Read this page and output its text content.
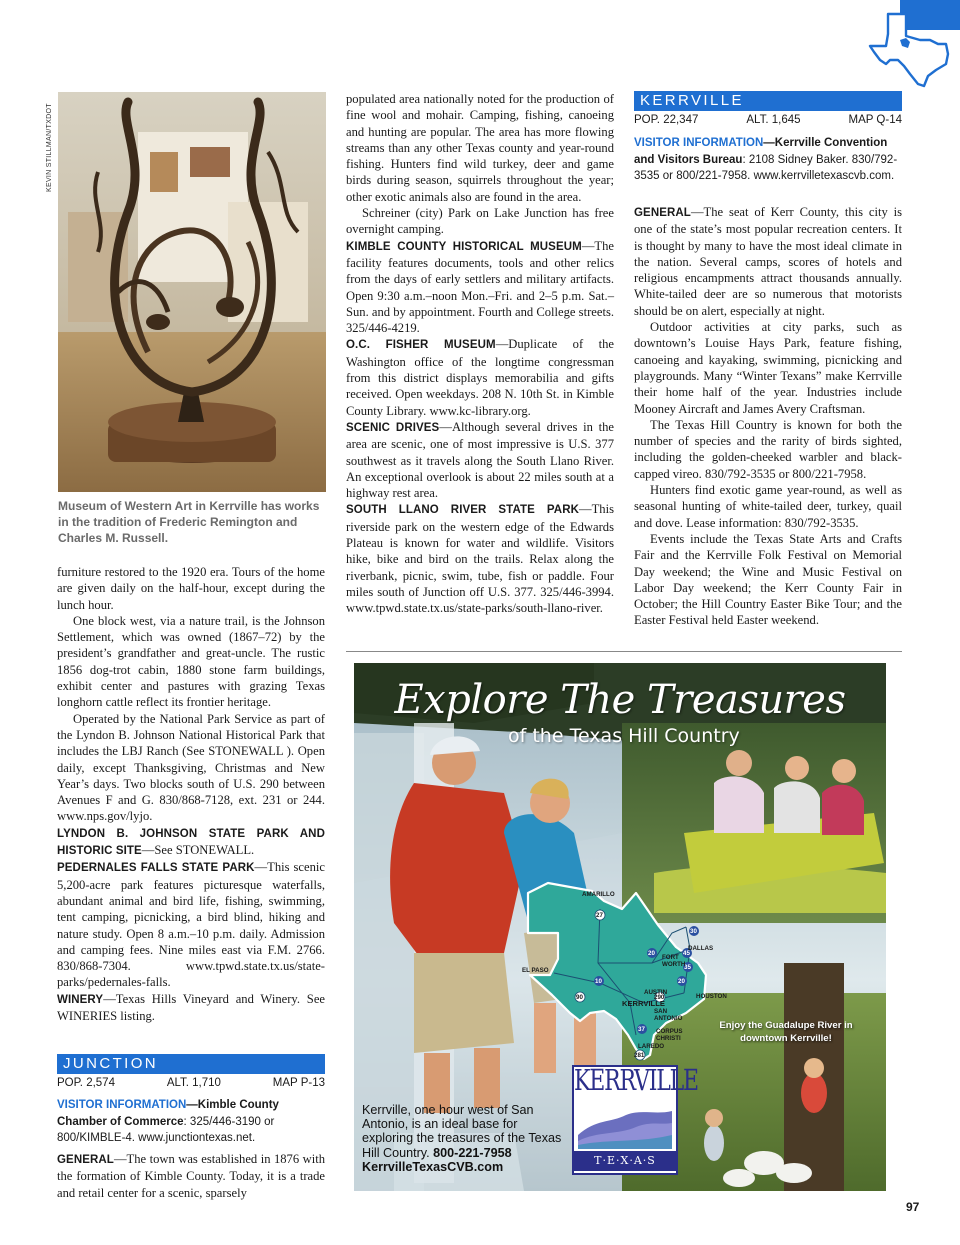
KEVIN STILLMAN/TXDOT
Museum of Western Art in Kerrville has works in the tradition of Frederic Remington and Charles M. Russell.

furniture restored to the 1920 era. Tours of the home are given daily on the half-hour, except during the lunch hour.

One block west, via a nature trail, is the Johnson Settlement, which was owned (1867–72) by the president’s grandfather and great-uncle. The rustic 1856 dog-trot cabin, 1880 stone farm buildings, exhibit center and pastures with grazing Texas longhorn cattle reflect its frontier heritage.

Operated by the National Park Service as part of the Lyndon B. Johnson National Historical Park that includes the LBJ Ranch (See STONEWALL ). Open daily, except Thanksgiving, Christmas and New Year’s days. Two blocks south of U.S. 290 between Avenues F and G. 830/868-7128, ext. 231 or 244. www.nps.gov/lyjo.

LYNDON B. JOHNSON STATE PARK AND HISTORIC SITE—See STONEWALL.

PEDERNALES FALLS STATE PARK—This scenic 5,200-acre park features picturesque waterfalls, abundant animal and bird life, fishing, swimming, tent camping, picnicking, a bird blind, hiking and nature study. Open 8 a.m.–10 p.m. daily. Admission and camping fees. Nine miles east via F.M. 2766. 830/868-7304. www.tpwd.state.tx.us/state-parks/pedernales-falls.

WINERY—Texas Hills Vineyard and Winery. See WINERIES listing.

JUNCTION
POP. 2,574	ALT. 1,710	MAP P-13
VISITOR INFORMATION—Kimble County Chamber of Commerce: 325/446-3190 or 800/KIMBLE-4. www.junctiontexas.net.

GENERAL—The town was established in 1876 with the formation of Kimble County. Today, it is a trade and retail center for a scenic, sparsely

populated area nationally noted for the production of fine wool and mohair. Camping, fishing, canoeing and hunting are popular. The area has more flowing streams than any other Texas county and year-round fishing. Hunters find wild turkey, deer and game birds during season, squirrels throughout the year; other exotic animals also are found in the area.

Schreiner (city) Park on Lake Junction has free overnight camping.

KIMBLE COUNTY HISTORICAL MUSEUM—The facility features documents, tools and other relics from the days of early settlers and military artifacts. Open 9:30 a.m.–noon Mon.–Fri. and 2–5 p.m. Sat.–Sun. and by appointment. Fourth and College streets. 325/446-4219.

O.C. FISHER MUSEUM—Duplicate of the Washington office of the longtime congressman from this district displays memorabilia and gifts received. Open weekdays. 208 N. 10th St. in Kimble County Library. www.kc-library.org.

SCENIC DRIVES—Although several drives in the area are scenic, one of most impressive is U.S. 377 southwest as it travels along the South Llano River. An exceptional overlook is about 22 miles south at a highway rest area.

SOUTH LLANO RIVER STATE PARK—This riverside park on the western edge of the Edwards Plateau is known for water and wildlife. Visitors hike, bike and bird on the trails. Relax along the riverbank, picnic, swim, tube, fish or paddle. Four miles south of Junction off U.S. 377. 325/446-3994. www.tpwd.state.tx.us/state-parks/south-llano-river.

KERRVILLE
POP. 22,347	ALT. 1,645	MAP Q-14
VISITOR INFORMATION—Kerrville Convention and Visitors Bureau: 2108 Sidney Baker. 830/792-3535 or 800/221-7958. www.kerrvilletexascvb.com.

GENERAL—The seat of Kerr County, this city is one of the state’s most popular recreation centers. It is thought by many to have the most ideal climate in the nation. Several camps, scores of hotels and religious encampments attract thousands annually. White-tailed deer are so numerous that motorists should be on alert, especially at night.

Outdoor activities at city parks, such as downtown’s Louise Hays Park, feature fishing, canoeing and kayaking, swimming, picnicking and playgrounds. Many “Winter Texans” make Kerrville their home half of the year. Industries include Mooney Aircraft and James Avery Craftsman.

The Texas Hill Country is known for both the number of species and the rarity of birds sighted, including the golden-cheeked warbler and black-capped vireo. 830/792-3535 or 800/221-7958.

Hunters find exotic game year-round, as well as seasonal hunting of white-tailed deer, turkey, quail and dove. Lease information: 830/792-3535.

Events include the Texas State Arts and Crafts Fair and the Kerrville Folk Festival on Memorial Day weekend; the Wine and Music Festival on Labor Day weekend; the Kerr County Fair in October; the Hill Country Easter Bike Tour; and the Easter Festival held Easter weekend.

27
20
30
45
10
35
20
90	290
37
281
AMARILLO
EL PASO
FORT WORTH
DALLAS
AUSTIN
HOUSTON
KERRVILLE
SAN ANTONIO
CORPUS CHRISTI
LAREDO
Explore The Treasures
of the Texas Hill Country
Enjoy the Guadalupe River in downtown Kerrville!
Kerrville, one hour west of San Antonio, is an ideal base for exploring the treasures of the Texas Hill Country. 800-221-7958
KerrvilleTexasCVB.com
KERRVILLE
T·E·X·A·S
97
